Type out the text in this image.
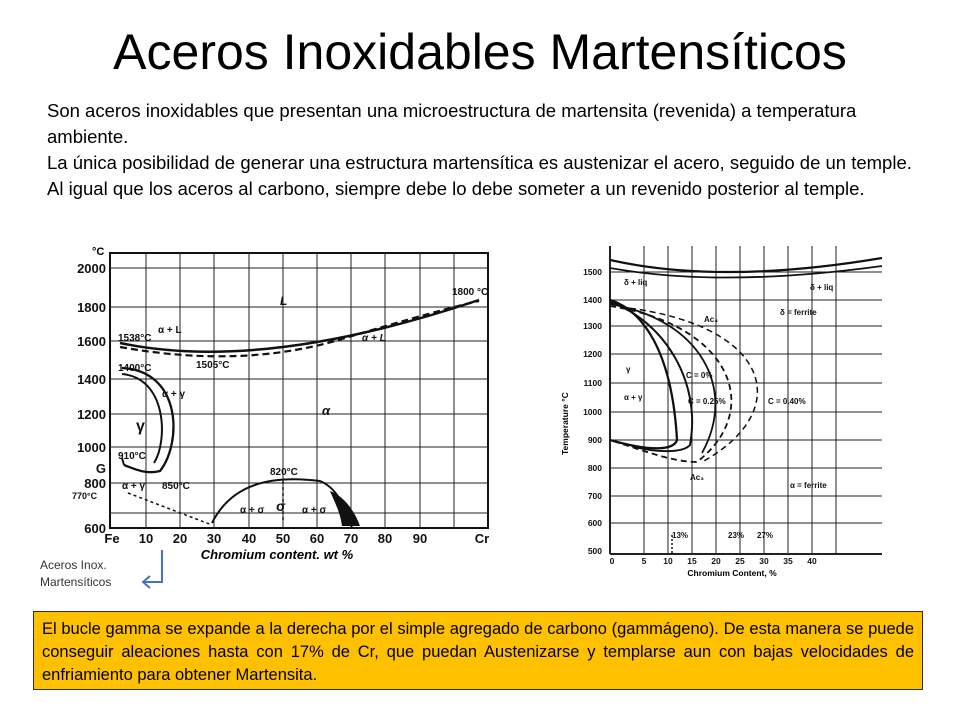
Aceros Inoxidables Martensíticos

Son aceros inoxidables que presentan una microestructura de martensita (revenida) a temperatura ambiente.

La única posibilidad de generar una estructura martensítica es austenizar el acero, seguido de un temple. Al igual que los aceros al carbono, siempre debe lo debe someter a un revenido posterior al temple.

2000
1800
1600
1400
1200
1000
G
800
600
°C
Fe 10 20 30 40 50 60 70 80 90	Cr
Chromium content. wt %
1800 °C
L
α + L
α + L
1538°C
1505°C
1400°C
α + γ
α
γ
910°C
850°C
α + γ
770°C
820°C
α + σ σ α + σ
1500
1400
1300
1200
1100
1000
900
800
700
600
500
Temperature °C
0	5 10 15 20 25 30 35 40
Chromium Content, %
δ + liq
δ + liq
δ = ferrite
Ac₄
γ
α + γ
C = 0%
C = 0.25%	C = 0.40%
Ac₃
α = ferrite
13%	23% 27%
Aceros Inox.
Martensíticos
El bucle gamma se expande a la derecha por el simple agregado de carbono (gammágeno). De esta manera se puede conseguir aleaciones hasta con 17% de Cr, que puedan Austenizarse y templarse aun con bajas velocidades de enfriamiento para obtener Martensita.
